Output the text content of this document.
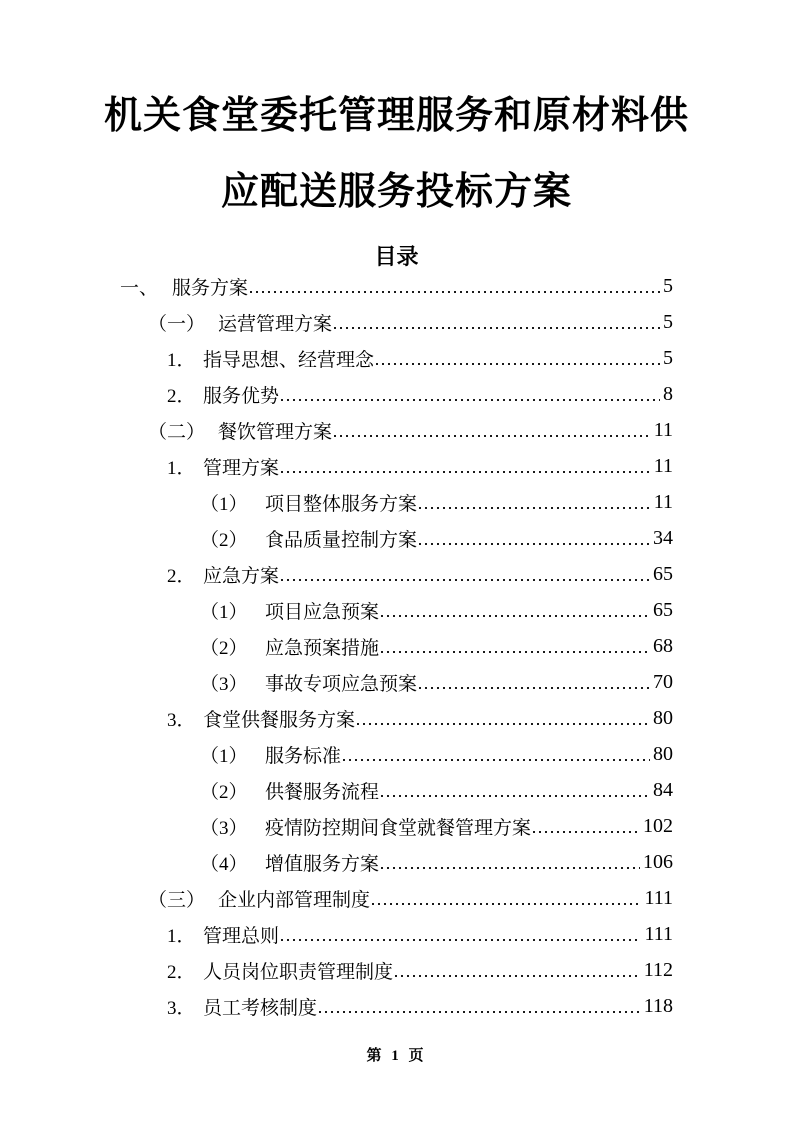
机关食堂委托管理服务和原材料供
应配送服务投标方案
目录
一、 服务方案	5
（一） 运营管理方案	5
1． 指导思想、经营理念	5
2． 服务优势	8
（二） 餐饮管理方案	11
1． 管理方案	11
（1） 项目整体服务方案	11
（2） 食品质量控制方案	34
2． 应急方案	65
（1） 项目应急预案	65
（2） 应急预案措施	68
（3） 事故专项应急预案	70
3． 食堂供餐服务方案	80
（1） 服务标准	80
（2） 供餐服务流程	84
（3） 疫情防控期间食堂就餐管理方案	102
（4） 增值服务方案	106
（三） 企业内部管理制度	111
1． 管理总则	111
2． 人员岗位职责管理制度	112
3． 员工考核制度	118
第 1 页
